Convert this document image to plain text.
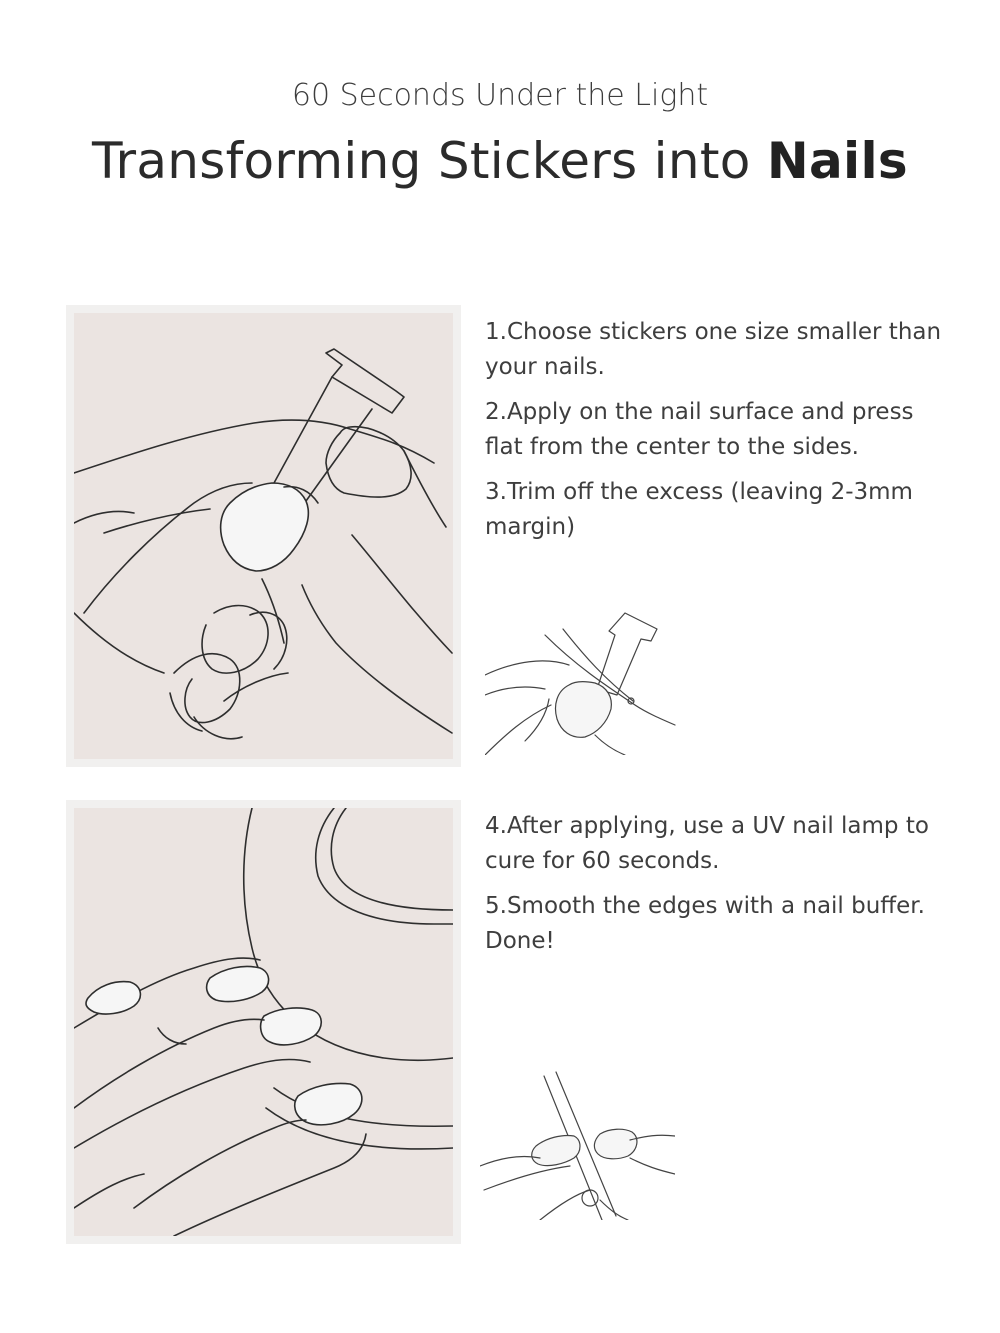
60 Seconds Under the Light
Transforming Stickers into Nails

1.Choose stickers one size smaller than your nails.

2.Apply on the nail surface and press flat from the center to the sides.

3.Trim off the excess (leaving 2-3mm margin)

4.After applying, use a UV nail lamp to cure for 60 seconds.

5.Smooth the edges with a nail buffer. Done!
